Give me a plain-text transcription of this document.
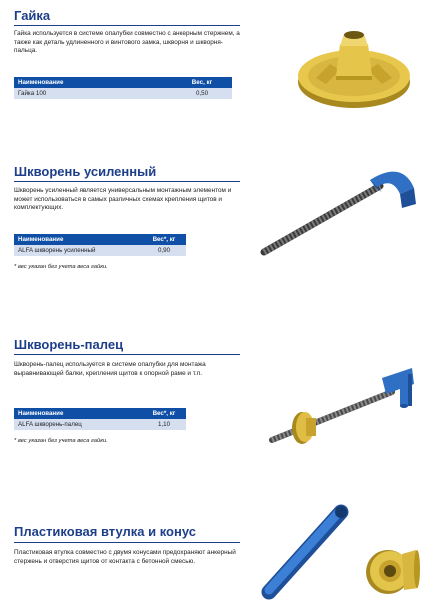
Гайка
Гайка используется в системе опалубки совместно с анкерным стержнем, а также как деталь удлиненного и винтового замка, шкворня и шкворня-пальца.
Наименование	Вес, кг
Гайка 100	0,50
Шкворень усиленный
Шкворень усиленный является универсальным монтажным элементом и может использоваться в самых различных схемах крепления щитов и комплектующих.
Наименование	Вес*, кг
ALFA шкворень усиленный	0,90
* вес указан без учета веса гайки.
Шкворень-палец
Шкворень-палец используется в системе опалубки для монтажа выравнивающей балки, крепления щитов к опорной раме и т.п.
Наименование	Вес*, кг
ALFA шкворень-палец	1,10
* вес указан без учета веса гайки.
Пластиковая втулка и конус
Пластиковая втулка совместно с двумя конусами предохраняют анкерный стержень и отверстия щитов от контакта с бетонной смесью.
